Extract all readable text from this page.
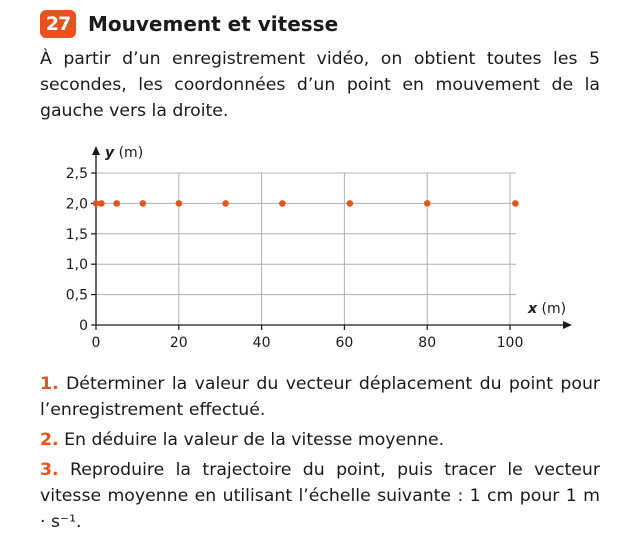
27 Mouvement et vitesse
À partir d’un enregistrement vidéo, on obtient toutes les 5 secondes, les coordonnées d’un point en mouvement de la gauche vers la droite.
0
0,5
1,0
1,5
2,0
2,5
0	20	40	60	80	100
y (m)
x (m)
1. Déterminer la valeur du vecteur déplacement du point pour l’enregistrement effectué.
2. En déduire la valeur de la vitesse moyenne.
3. Reproduire la trajectoire du point, puis tracer le vecteur vitesse moyenne en utilisant l’échelle suivante : 1 cm pour 1 m · s⁻¹.
